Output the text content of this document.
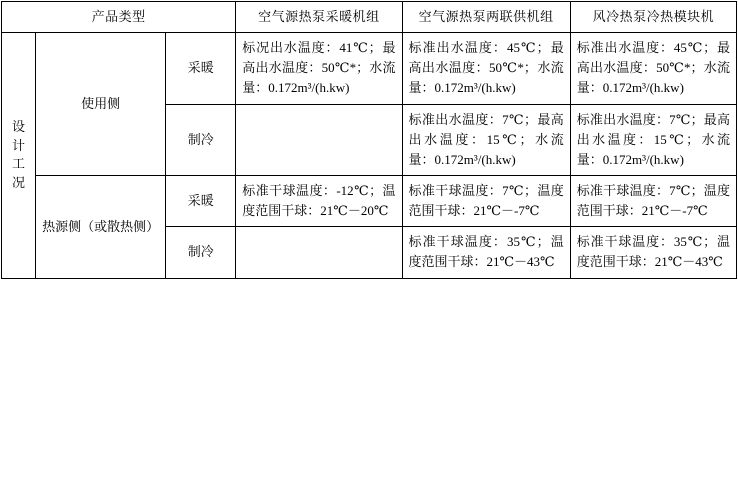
产品类型			空气源热泵采暖机组	空气源热泵两联供机组	风冷热泵冷热模块机

设
计
工
况	使用侧	采暖	标况出水温度：41℃；最高出水温度：50℃*；水流量：0.172m³/(h.kw)	标准出水温度：45℃；最高出水温度：50℃*；水流量：0.172m³/(h.kw)	标准出水温度：45℃；最高出水温度：50℃*；水流量：0.172m³/(h.kw)
		制冷		标准出水温度：7℃；最高出水温度：15℃；水流量：0.172m³/(h.kw)	标准出水温度：7℃；最高出水温度：15℃；水流量：0.172m³/(h.kw)
	热源侧（或散热侧）	采暖	标准干球温度：-12℃；温度范围干球：21℃－20℃	标准干球温度：7℃；温度范围干球：21℃－-7℃	标准干球温度：7℃；温度范围干球：21℃－-7℃
		制冷		标准干球温度：35℃；温度范围干球：21℃－43℃	标准干球温度：35℃；温度范围干球：21℃－43℃
